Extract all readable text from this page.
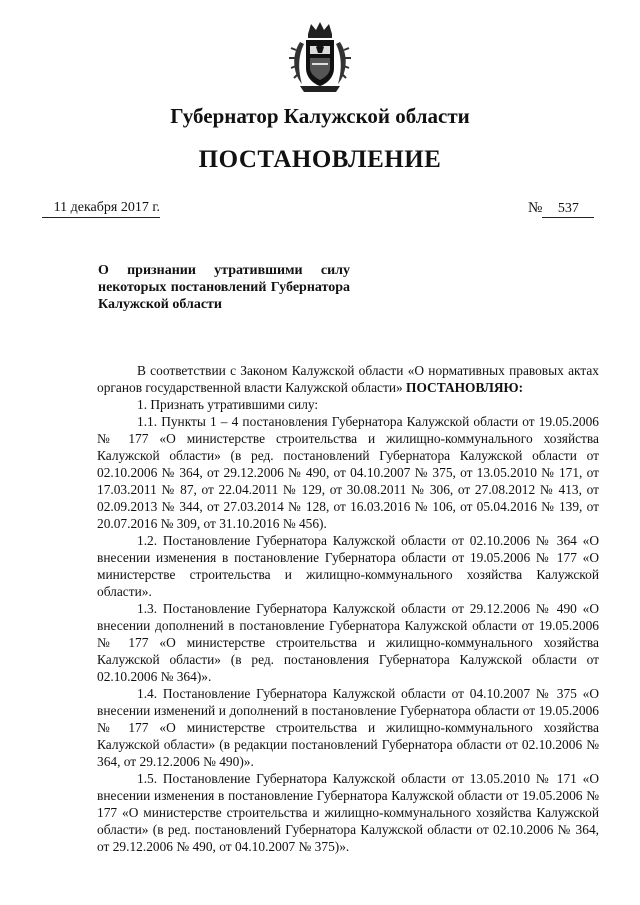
Губернатор Калужской области
ПОСТАНОВЛЕНИЕ
11 декабря 2017 г.	№ 537
О признании утратившими силу некоторых постановлений Губернатора Калужской области

В соответствии с Законом Калужской области «О нормативных правовых актах органов государственной власти Калужской области» ПОСТАНОВЛЯЮ:

1. Признать утратившими силу:

1.1. Пункты 1 – 4 постановления Губернатора Калужской области от 19.05.2006 № 177 «О министерстве строительства и жилищно-коммунального хозяйства Калужской области» (в ред. постановлений Губернатора Калужской области от 02.10.2006 № 364, от 29.12.2006 № 490, от 04.10.2007 № 375, от 13.05.2010 № 171, от 17.03.2011 № 87, от 22.04.2011 № 129, от 30.08.2011 № 306, от 27.08.2012 № 413, от 02.09.2013 № 344, от 27.03.2014 № 128, от 16.03.2016 № 106, от 05.04.2016 № 139, от 20.07.2016 № 309, от 31.10.2016 № 456).

1.2. Постановление Губернатора Калужской области от 02.10.2006 № 364 «О внесении изменения в постановление Губернатора области от 19.05.2006 № 177 «О министерстве строительства и жилищно-коммунального хозяйства Калужской области».

1.3. Постановление Губернатора Калужской области от 29.12.2006 № 490 «О внесении дополнений в постановление Губернатора Калужской области от 19.05.2006 № 177 «О министерстве строительства и жилищно-коммунального хозяйства Калужской области» (в ред. постановления Губернатора Калужской области от 02.10.2006 № 364)».

1.4. Постановление Губернатора Калужской области от 04.10.2007 № 375 «О внесении изменений и дополнений в постановление Губернатора области от 19.05.2006 № 177 «О министерстве строительства и жилищно-коммунального хозяйства Калужской области» (в редакции постановлений Губернатора области от 02.10.2006 № 364, от 29.12.2006 № 490)».

1.5. Постановление Губернатора Калужской области от 13.05.2010 № 171 «О внесении изменения в постановление Губернатора Калужской области от 19.05.2006 № 177 «О министерстве строительства и жилищно-коммунального хозяйства Калужской области» (в ред. постановлений Губернатора Калужской области от 02.10.2006 № 364, от 29.12.2006 № 490, от 04.10.2007 № 375)».
